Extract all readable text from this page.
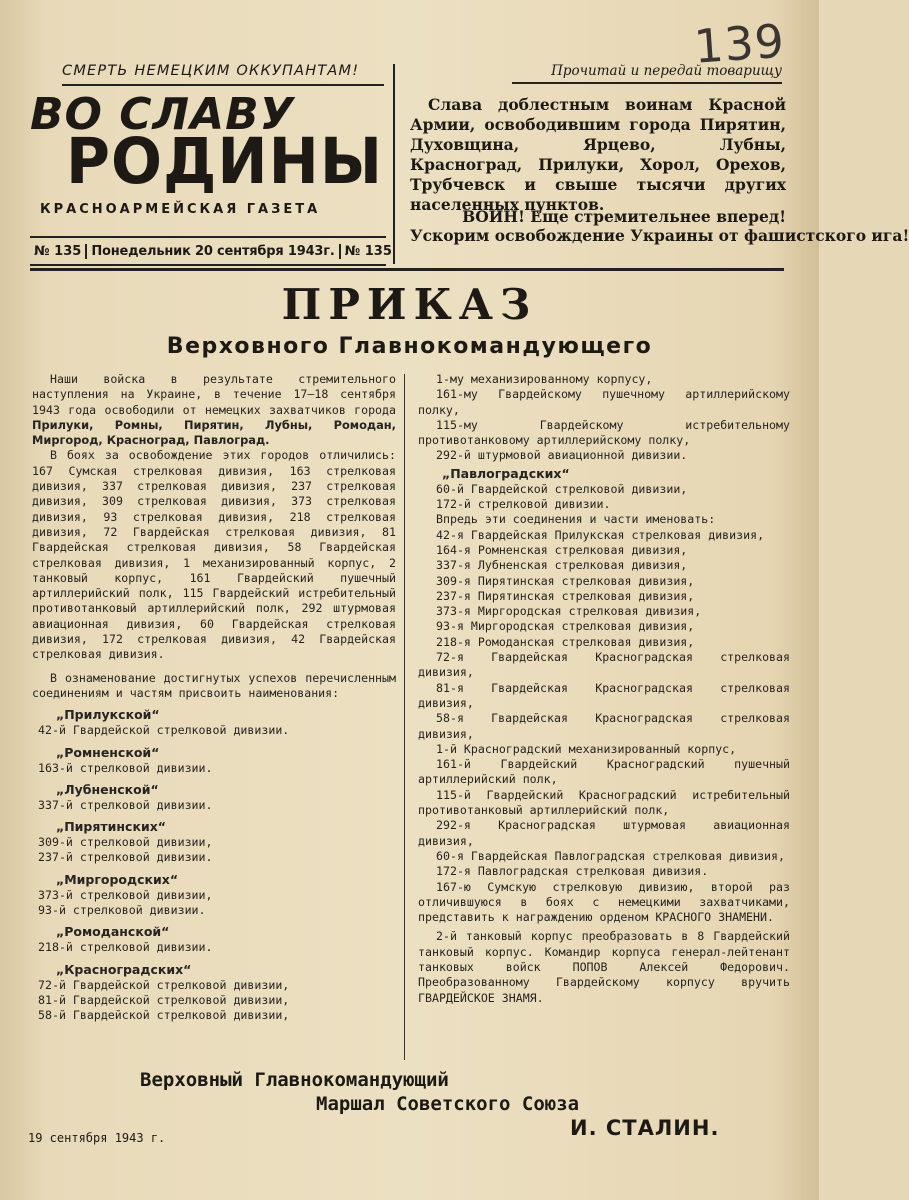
139
СМЕРТЬ НЕМЕЦКИМ ОККУПАНТАМ!	Прочитай и передай товарищу
ВО СЛАВУ
РОДИНЫ
КРАСНОАРМЕЙСКАЯ ГАЗЕТА
№ 135 Понедельник 20 сентября 1943г. № 135
Слава доблестным воинам Красной Армии, освободившим города Пирятин, Духовщина, Ярцево, Лубны, Красноград, Прилуки, Хорол, Орехов, Трубчевск и свыше тысячи других населенных пунктов.
ВОИН! Еще стремительнее вперед!
Ускорим освобождение Украины от фашистского ига!
ПРИКАЗ
Верховного Главнокомандующего

Наши войска в результате стремительного наступления на Украине, в течение 17—18 сентября 1943 года освободили от немецких захватчиков города Прилуки, Ромны, Пирятин, Лубны, Ромодан, Миргород, Красноград, Павлоград.

В боях за освобождение этих городов отличились: 167 Сумская стрелковая дивизия, 163 стрелковая дивизия, 337 стрелковая дивизия, 237 стрелковая дивизия, 309 стрелковая дивизия, 373 стрелковая дивизия, 93 стрелковая дивизия, 218 стрелковая дивизия, 72 Гвардейская стрелковая дивизия, 81 Гвардейская стрелковая дивизия, 58 Гвардейская стрелковая дивизия, 1 механизированный корпус, 2 танковый корпус, 161 Гвардейский пушечный артиллерийский полк, 115 Гвардейский истребительный противотанковый артиллерийский полк, 292 штурмовая авиационная дивизия, 60 Гвардейская стрелковая дивизия, 172 стрелковая дивизия, 42 Гвардейская стрелковая дивизия.

В ознаменование достигнутых успехов перечисленным соединениям и частям присвоить наименования:

„Прилукской“
42-й Гвардейской стрелковой дивизии.
„Ромненской“
163-й стрелковой дивизии.
„Лубненской“
337-й стрелковой дивизии.
„Пирятинских“
309-й стрелковой дивизии,
237-й стрелковой дивизии.
„Миргородских“
373-й стрелковой дивизии,
93-й стрелковой дивизии.
„Ромоданской“
218-й стрелковой дивизии.
„Красноградских“
72-й Гвардейской стрелковой дивизии,
81-й Гвардейской стрелковой дивизии,
58-й Гвардейской стрелковой дивизии,

1-му механизированному корпусу,

161-му Гвардейскому пушечному артиллерийскому полку,

115-му Гвардейскому истребительному противотанковому артиллерийскому полку,

292-й штурмовой авиационной дивизии.

„Павлоградских“

60-й Гвардейской стрелковой дивизии,

172-й стрелковой дивизии.

Впредь эти соединения и части именовать:

42-я Гвардейская Прилукская стрелковая дивизия,

164-я Ромненская стрелковая дивизия,

337-я Лубненская стрелковая дивизия,

309-я Пирятинская стрелковая дивизия,

237-я Пирятинская стрелковая дивизия,

373-я Миргородская стрелковая дивизия,

93-я Миргородская стрелковая дивизия,

218-я Ромоданская стрелковая дивизия,

72-я Гвардейская Красноградская стрелковая дивизия,

81-я Гвардейская Красноградская стрелковая дивизия,

58-я Гвардейская Красноградская стрелковая дивизия,

1-й Красноградский механизированный корпус,

161-й Гвардейский Красноградский пушечный артиллерийский полк,

115-й Гвардейский Красноградский истребительный противотанковый артиллерийский полк,

292-я Красноградская штурмовая авиационная дивизия,

60-я Гвардейская Павлоградская стрелковая дивизия,

172-я Павлоградская стрелковая дивизия.

167-ю Сумскую стрелковую дивизию, второй раз отличившуюся в боях с немецкими захватчиками, представить к награждению орденом КРАСНОГО ЗНАМЕНИ.

2-й танковый корпус преобразовать в 8 Гвардейский танковый корпус. Командир корпуса генерал-лейтенант танковых войск ПОПОВ Алексей Федорович. Преобразованному Гвардейскому корпусу вручить ГВАРДЕЙСКОЕ ЗНАМЯ.

Верховный Главнокомандующий
Маршал Советского Союза
И. СТАЛИН.
19 сентября 1943 г.
